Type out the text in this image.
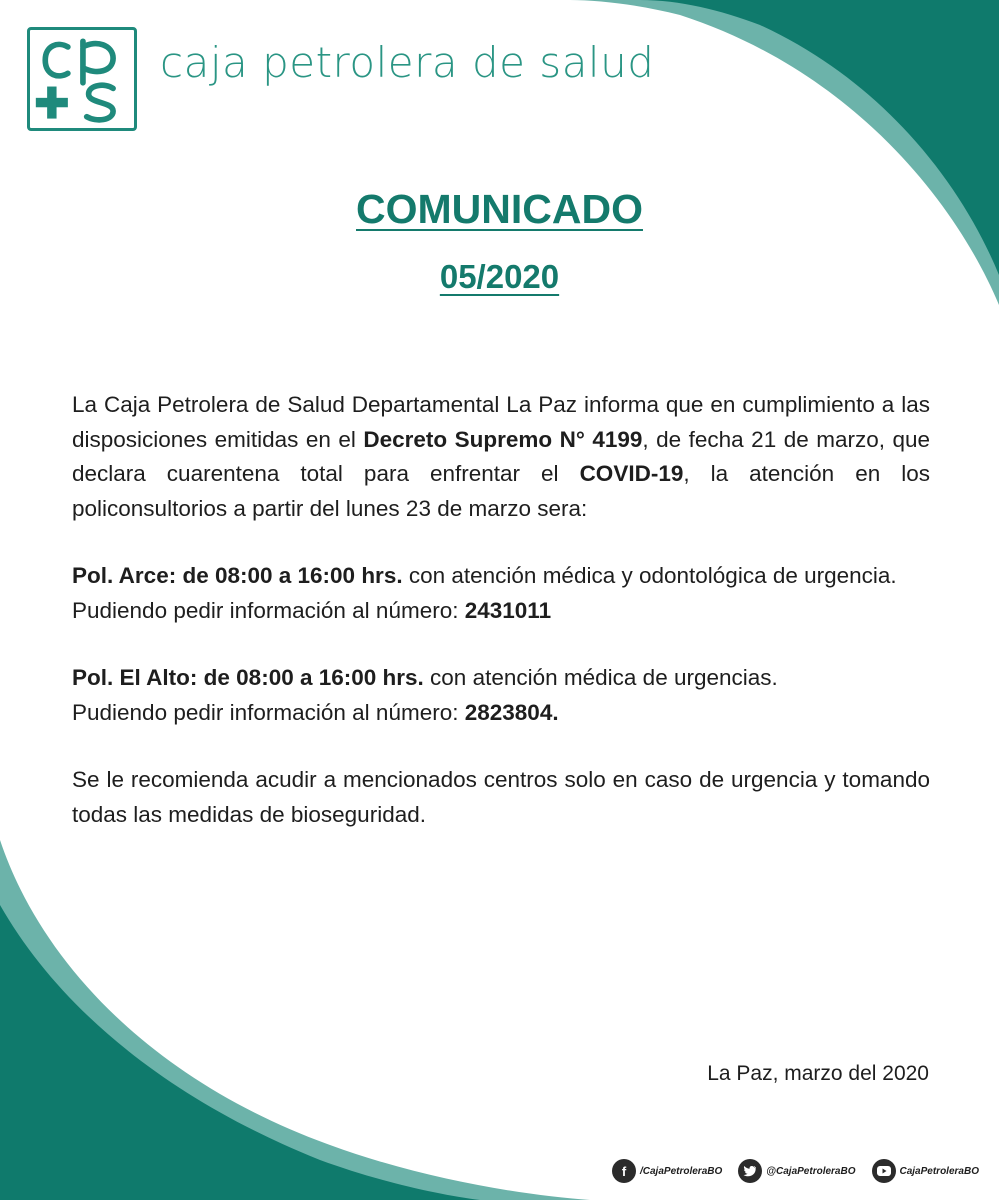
caja petrolera de salud
COMUNICADO
05/2020

La Caja Petrolera de Salud Departamental La Paz informa que en cumplimiento a las disposiciones emitidas en el Decreto Supremo N° 4199, de fecha 21 de marzo, que declara cuarentena total para enfrentar el COVID-19, la atención en los policonsultorios a partir del lunes 23 de marzo sera:

Pol. Arce: de 08:00 a 16:00 hrs. con atención médica y odontológica de urgencia.
Pudiendo pedir información al número: 2431011

Pol. El Alto: de 08:00 a 16:00 hrs. con atención médica de urgencias.
Pudiendo pedir información al número: 2823804.

Se le recomienda acudir a mencionados centros solo en caso de urgencia y tomando todas las medidas de bioseguridad.

La Paz, marzo del 2020
f	/CajaPetroleraBO	@CajaPetroleraBO	CajaPetroleraBO
